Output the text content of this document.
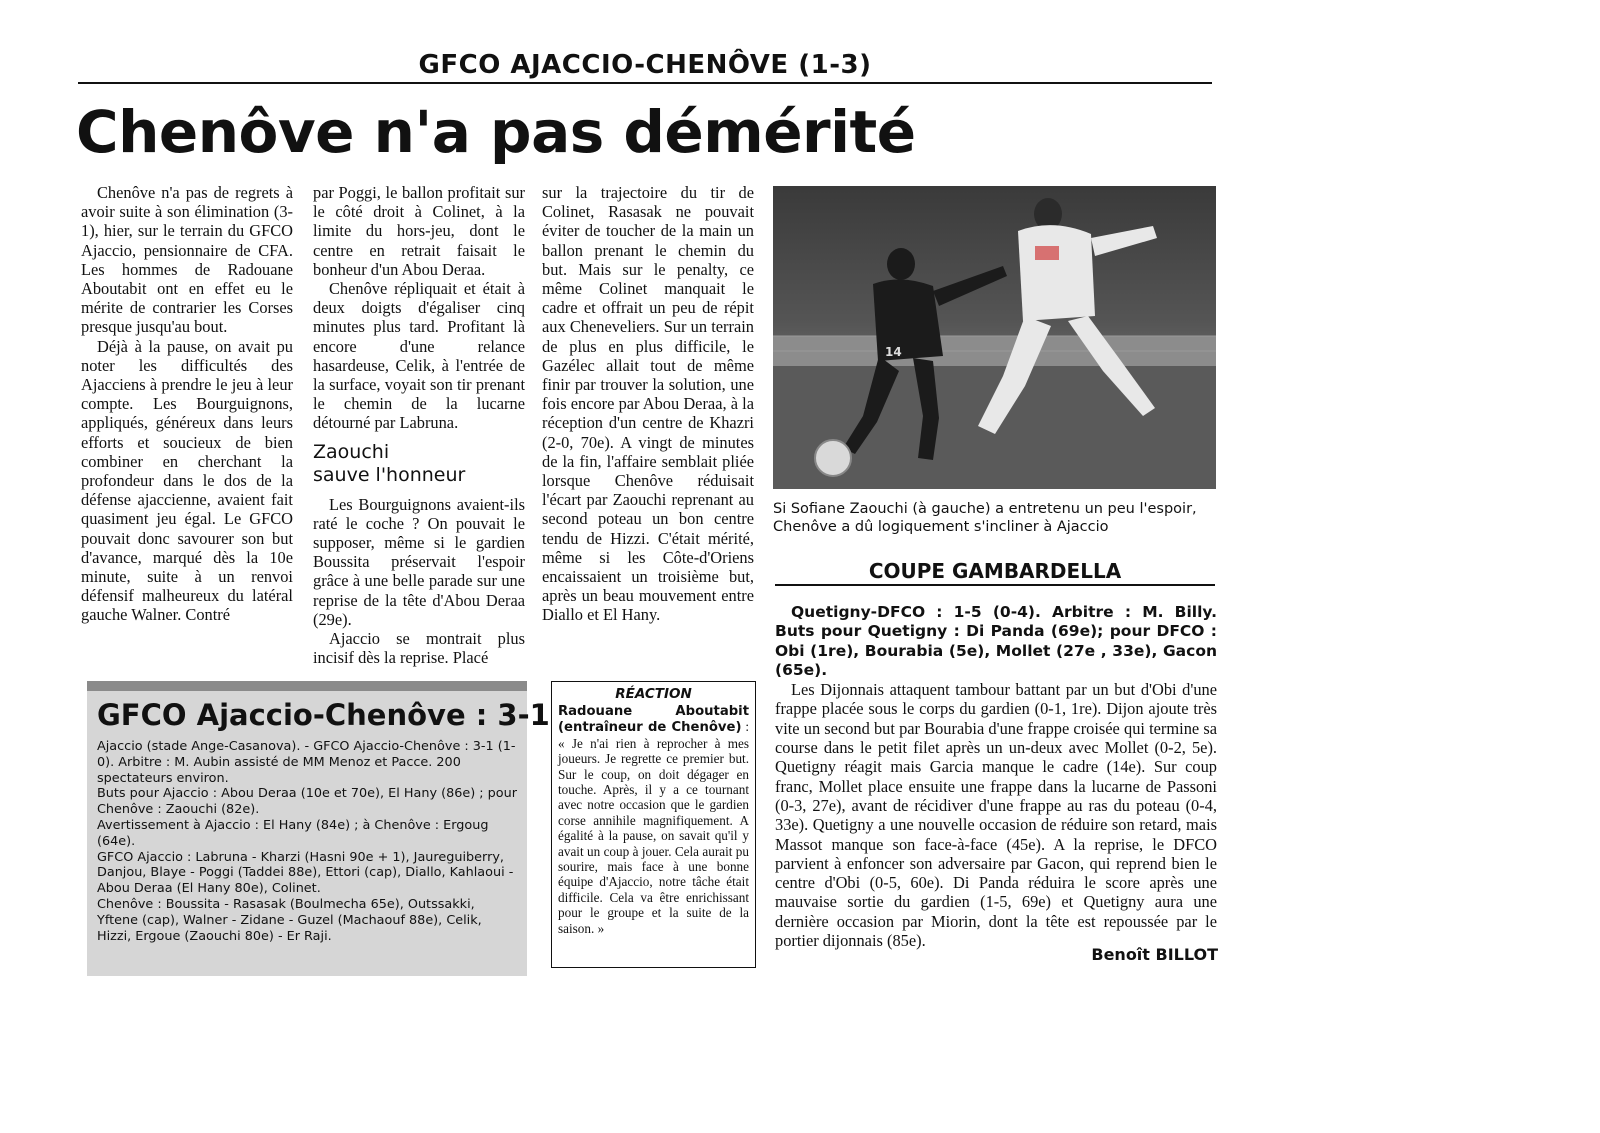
GFCO AJACCIO-CHENÔVE (1-3)
Chenôve n'a pas démérité

Chenôve n'a pas de regrets à avoir suite à son élimination (3-1), hier, sur le terrain du GFCO Ajaccio, pensionnaire de CFA. Les hommes de Radouane Aboutabit ont en effet eu le mérite de contrarier les Corses presque jusqu'au bout.

Déjà à la pause, on avait pu noter les difficultés des Ajacciens à prendre le jeu à leur compte. Les Bourguignons, appliqués, généreux dans leurs efforts et soucieux de bien combiner en cherchant la profondeur dans le dos de la défense ajaccienne, avaient fait quasiment jeu égal. Le GFCO pouvait donc savourer son but d'avance, marqué dès la 10e minute, suite à un renvoi défensif malheureux du latéral gauche Walner. Contré

par Poggi, le ballon profitait sur le côté droit à Colinet, à la limite du hors-jeu, dont le centre en retrait faisait le bonheur d'un Abou Deraa.

Chenôve répliquait et était à deux doigts d'égaliser cinq minutes plus tard. Profitant là encore d'une relance hasardeuse, Celik, à l'entrée de la surface, voyait son tir prenant le chemin de la lucarne détourné par Labruna.

Zaouchi
sauve l'honneur

Les Bourguignons avaient-ils raté le coche ? On pouvait le supposer, même si le gardien Boussita préservait l'espoir grâce à une belle parade sur une reprise de la tête d'Abou Deraa (29e).

Ajaccio se montrait plus incisif dès la reprise. Placé

sur la trajectoire du tir de Colinet, Rasasak ne pouvait éviter de toucher de la main un ballon prenant le chemin du but. Mais sur le penalty, ce même Colinet manquait le cadre et offrait un peu de répit aux Cheneveliers. Sur un terrain de plus en plus difficile, le Gazélec allait tout de même finir par trouver la solution, une fois encore par Abou Deraa, à la réception d'un centre de Khazri (2-0, 70e). A vingt de minutes de la fin, l'affaire semblait pliée lorsque Chenôve réduisait l'écart par Zaouchi reprenant au second poteau un bon centre tendu de Hizzi. C'était mérité, même si les Côte-d'Oriens encaissaient un troisième but, après un beau mouvement entre Diallo et El Hany.

14
Si Sofiane Zaouchi (à gauche) a entretenu un peu l'espoir, Chenôve a dû logiquement s'incliner à Ajaccio
COUPE GAMBARDELLA

Quetigny-DFCO : 1-5 (0-4). Arbitre : M. Billy. Buts pour Quetigny : Di Panda (69e); pour DFCO : Obi (1re), Bourabia (5e), Mollet (27e , 33e), Gacon (65e).

Les Dijonnais attaquent tambour battant par un but d'Obi d'une frappe placée sous le corps du gardien (0-1, 1re). Dijon ajoute très vite un second but par Bourabia d'une frappe croisée qui termine sa course dans le petit filet après un un-deux avec Mollet (0-2, 5e). Quetigny réagit mais Garcia manque le cadre (14e). Sur coup franc, Mollet place ensuite une frappe dans la lucarne de Passoni (0-3, 27e), avant de récidiver d'une frappe au ras du poteau (0-4, 33e). Quetigny a une nouvelle occasion de réduire son retard, mais Massot manque son face-à-face (45e). A la reprise, le DFCO parvient à enfoncer son adversaire par Gacon, qui reprend bien le centre d'Obi (0-5, 60e). Di Panda réduira le score après une mauvaise sortie du gardien (1-5, 69e) et Quetigny aura une dernière occasion par Miorin, dont la tête est repoussée par le portier dijonnais (85e).

Benoît BILLOT
GFCO Ajaccio-Chenôve : 3-1

Ajaccio (stade Ange-Casanova). - GFCO Ajaccio-Chenôve : 3-1 (1-0). Arbitre : M. Aubin assisté de MM Menoz et Pacce. 200 spectateurs environ.

Buts pour Ajaccio : Abou Deraa (10e et 70e), El Hany (86e) ; pour Chenôve : Zaouchi (82e).

Avertissement à Ajaccio : El Hany (84e) ; à Chenôve : Ergoug (64e).

GFCO Ajaccio : Labruna - Kharzi (Hasni 90e + 1), Jaureguiberry, Danjou, Blaye - Poggi (Taddei 88e), Ettori (cap), Diallo, Kahlaoui - Abou Deraa (El Hany 80e), Colinet.

Chenôve : Boussita - Rasasak (Boulmecha 65e), Outssakki, Yftene (cap), Walner - Zidane - Guzel (Machaouf 88e), Celik, Hizzi, Ergoue (Zaouchi 80e) - Er Raji.

RÉACTION
Radouane Aboutabit (entraîneur de Chenôve) : « Je n'ai rien à reprocher à mes joueurs. Je regrette ce premier but. Sur le coup, on doit dégager en touche. Après, il y a ce tournant avec notre occasion que le gardien corse annihile magnifiquement. A égalité à la pause, on savait qu'il y avait un coup à jouer. Cela aurait pu sourire, mais face à une bonne équipe d'Ajaccio, notre tâche était difficile. Cela va être enrichissant pour le groupe et la suite de la saison. »
